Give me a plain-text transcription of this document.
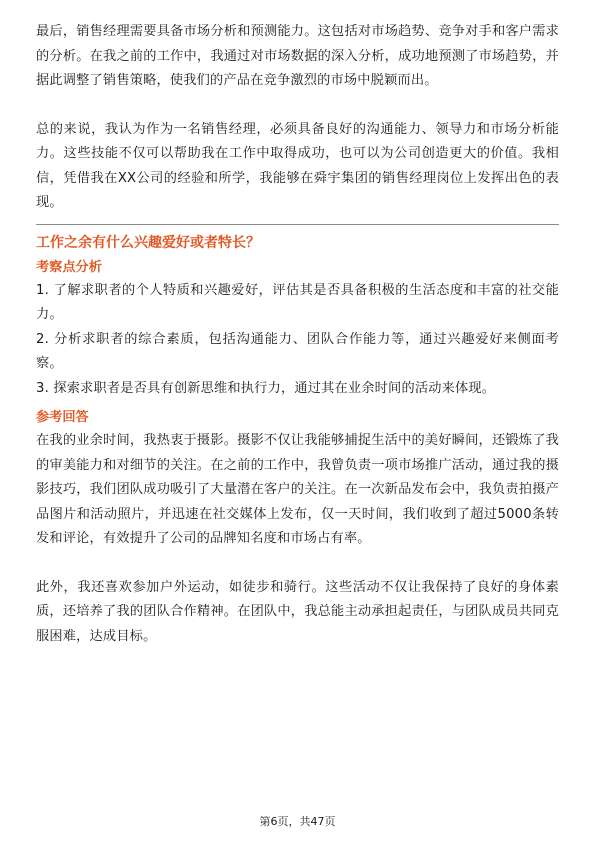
最后，销售经理需要具备市场分析和预测能力。这包括对市场趋势、竞争对手和客户需求的分析。在我之前的工作中，我通过对市场数据的深入分析，成功地预测了市场趋势，并据此调整了销售策略，使我们的产品在竞争激烈的市场中脱颖而出。

总的来说，我认为作为一名销售经理，必须具备良好的沟通能力、领导力和市场分析能力。这些技能不仅可以帮助我在工作中取得成功，也可以为公司创造更大的价值。我相信，凭借我在XX公司的经验和所学，我能够在舜宇集团的销售经理岗位上发挥出色的表现。

工作之余有什么兴趣爱好或者特长？

考察点分析

1. 了解求职者的个人特质和兴趣爱好，评估其是否具备积极的生活态度和丰富的社交能力。

2. 分析求职者的综合素质，包括沟通能力、团队合作能力等，通过兴趣爱好来侧面考察。

3. 探索求职者是否具有创新思维和执行力，通过其在业余时间的活动来体现。

参考回答

在我的业余时间，我热衷于摄影。摄影不仅让我能够捕捉生活中的美好瞬间，还锻炼了我的审美能力和对细节的关注。在之前的工作中，我曾负责一项市场推广活动，通过我的摄影技巧，我们团队成功吸引了大量潜在客户的关注。在一次新品发布会中，我负责拍摄产品图片和活动照片，并迅速在社交媒体上发布，仅一天时间，我们收到了超过5000条转发和评论，有效提升了公司的品牌知名度和市场占有率。

此外，我还喜欢参加户外运动，如徒步和骑行。这些活动不仅让我保持了良好的身体素质，还培养了我的团队合作精神。在团队中，我总能主动承担起责任，与团队成员共同克服困难，达成目标。

第6页，共47页
